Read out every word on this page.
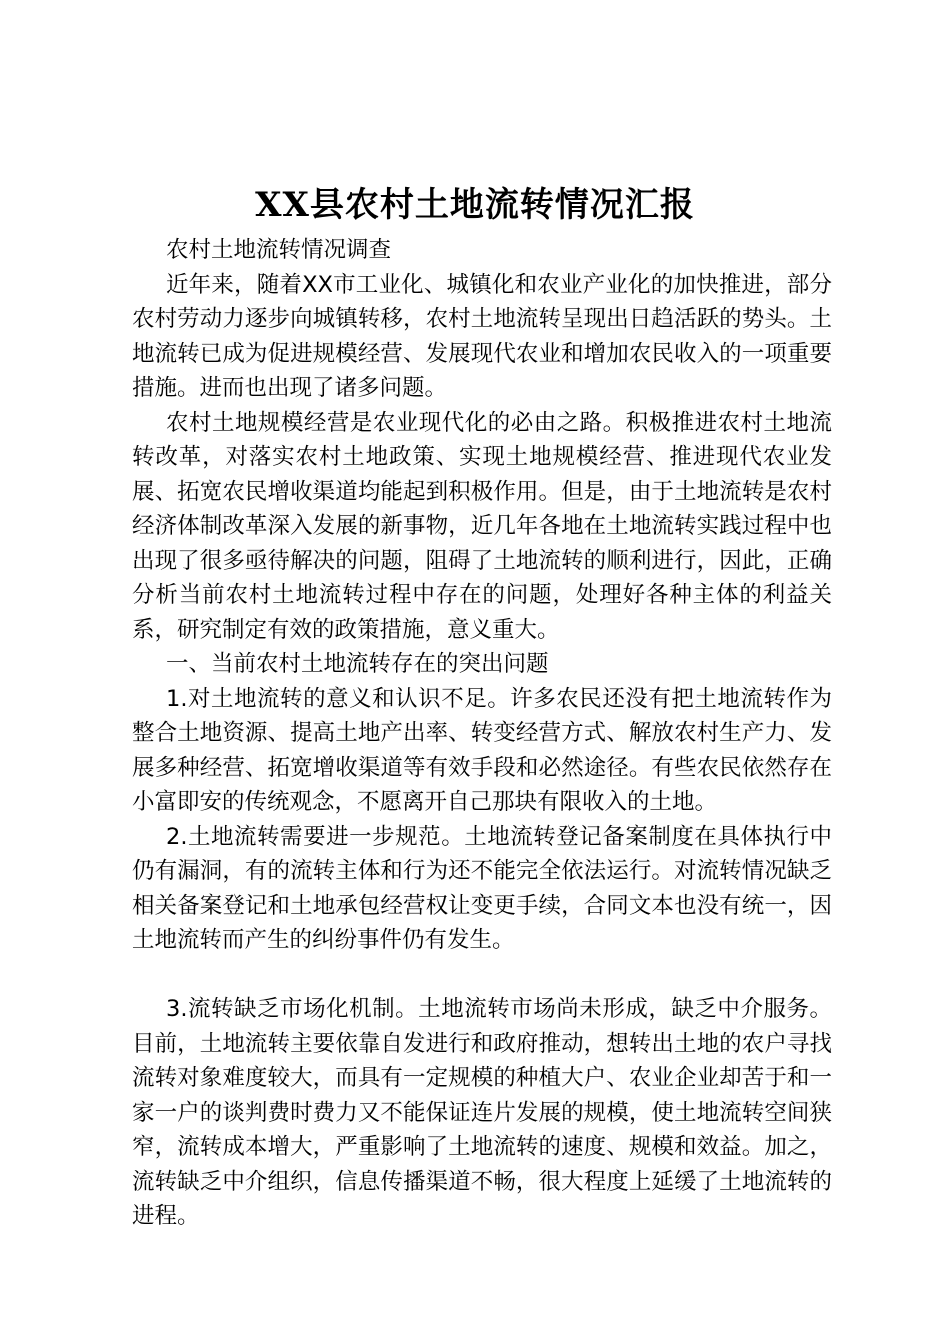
XX县农村土地流转情况汇报

农村土地流转情况调查

近年来，随着XX市工业化、城镇化和农业产业化的加快推进，部分农村劳动力逐步向城镇转移，农村土地流转呈现出日趋活跃的势头。土地流转已成为促进规模经营、发展现代农业和增加农民收入的一项重要措施。进而也出现了诸多问题。

农村土地规模经营是农业现代化的必由之路。积极推进农村土地流转改革，对落实农村土地政策、实现土地规模经营、推进现代农业发展、拓宽农民增收渠道均能起到积极作用。但是，由于土地流转是农村经济体制改革深入发展的新事物，近几年各地在土地流转实践过程中也出现了很多亟待解决的问题，阻碍了土地流转的顺利进行，因此，正确分析当前农村土地流转过程中存在的问题，处理好各种主体的利益关系，研究制定有效的政策措施，意义重大。

一、当前农村土地流转存在的突出问题

1.对土地流转的意义和认识不足。许多农民还没有把土地流转作为整合土地资源、提高土地产出率、转变经营方式、解放农村生产力、发展多种经营、拓宽增收渠道等有效手段和必然途径。有些农民依然存在小富即安的传统观念，不愿离开自己那块有限收入的土地。

2.土地流转需要进一步规范。土地流转登记备案制度在具体执行中仍有漏洞，有的流转主体和行为还不能完全依法运行。对流转情况缺乏相关备案登记和土地承包经营权让变更手续，合同文本也没有统一，因土地流转而产生的纠纷事件仍有发生。

3.流转缺乏市场化机制。土地流转市场尚未形成，缺乏中介服务。目前，土地流转主要依靠自发进行和政府推动，想转出土地的农户寻找流转对象难度较大，而具有一定规模的种植大户、农业企业却苦于和一家一户的谈判费时费力又不能保证连片发展的规模，使土地流转空间狭窄，流转成本增大，严重影响了土地流转的速度、规模和效益。加之，流转缺乏中介组织，信息传播渠道不畅，很大程度上延缓了土地流转的进程。
